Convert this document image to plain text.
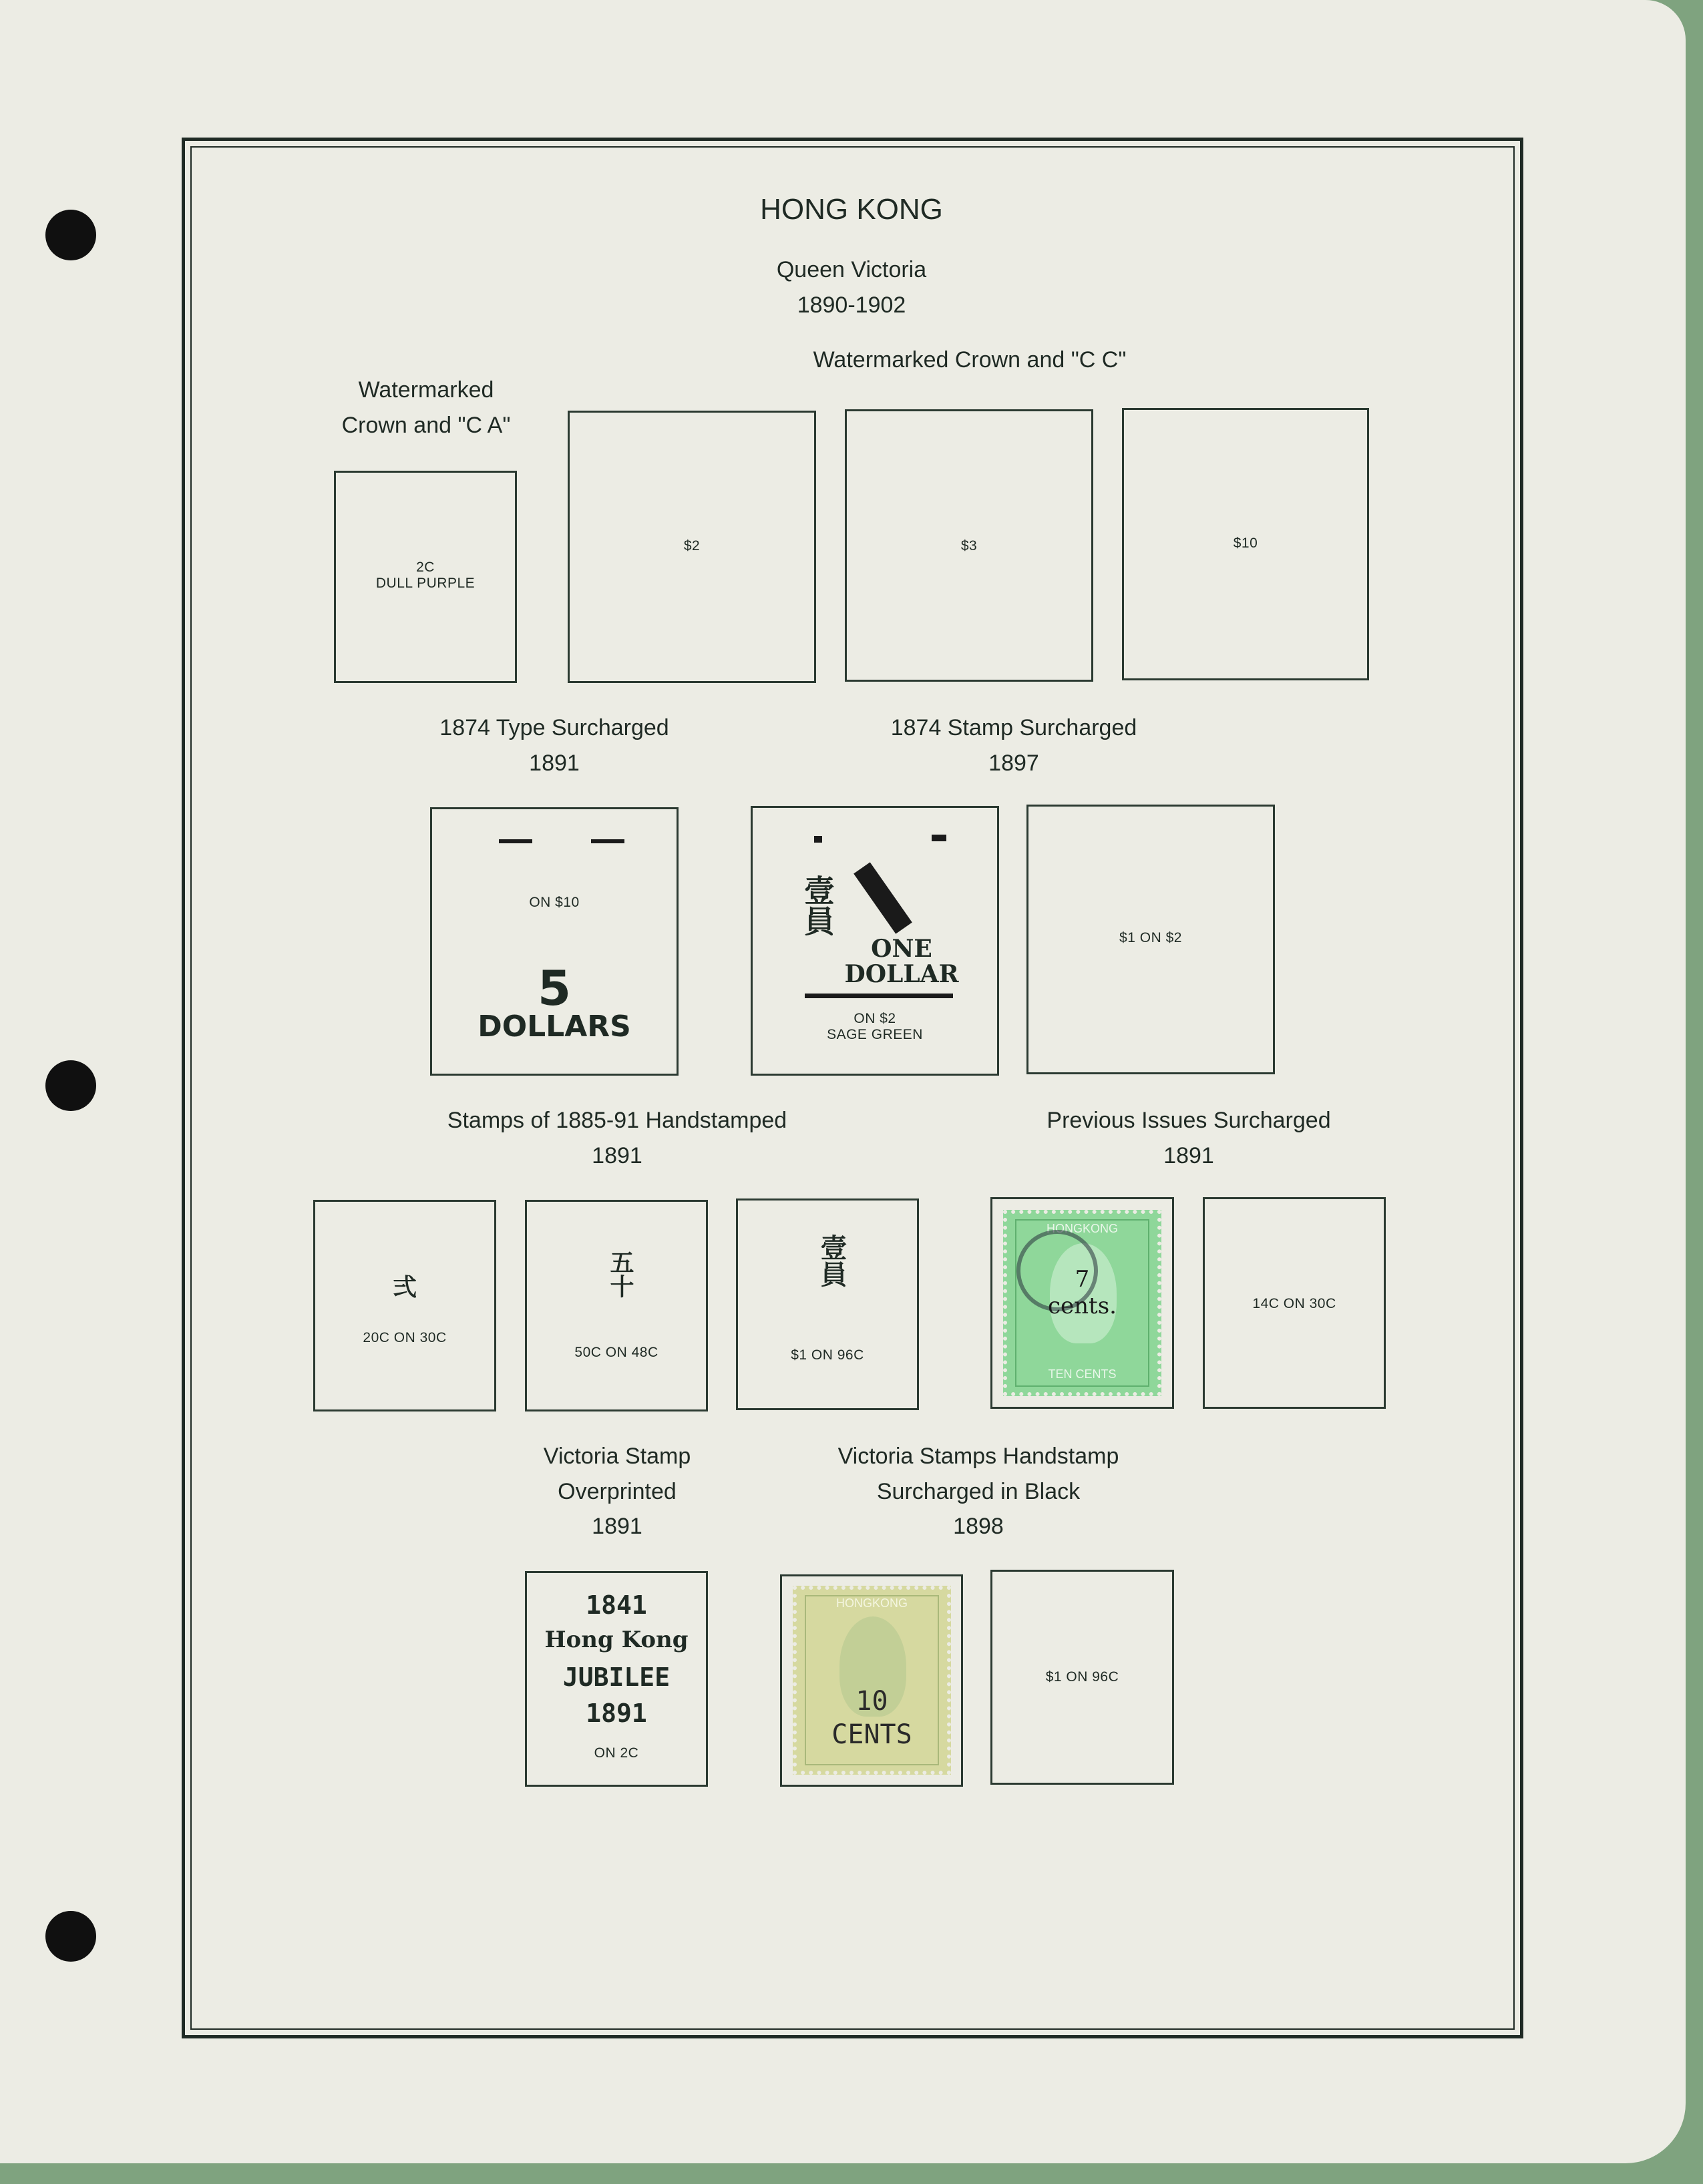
HONG KONG
Queen Victoria
1890-1902
Watermarked
Crown and "C A"
Watermarked Crown and "C C"
1874 Type Surcharged
1891
1874 Stamp Surcharged
1897
Stamps of 1885-91 Handstamped
1891
Previous Issues Surcharged
1891
Victoria Stamp
Overprinted
1891
Victoria Stamps Handstamp
Surcharged in Black
1898
2C
DULL PURPLE
$2	$3	$10
ON $10
5
DOLLARS
壹員
ONE
DOLLAR
ON $2
SAGE GREEN
$1 ON $2
弍
20C ON 30C
五十
50C ON 48C
壹員
$1 ON 96C
HONGKONG
7
cents.
TEN CENTS
14C ON 30C
1841
Hong Kong
JUBILEE
1891
ON 2C
HONGKONG
10
CENTS
$1 ON 96C
